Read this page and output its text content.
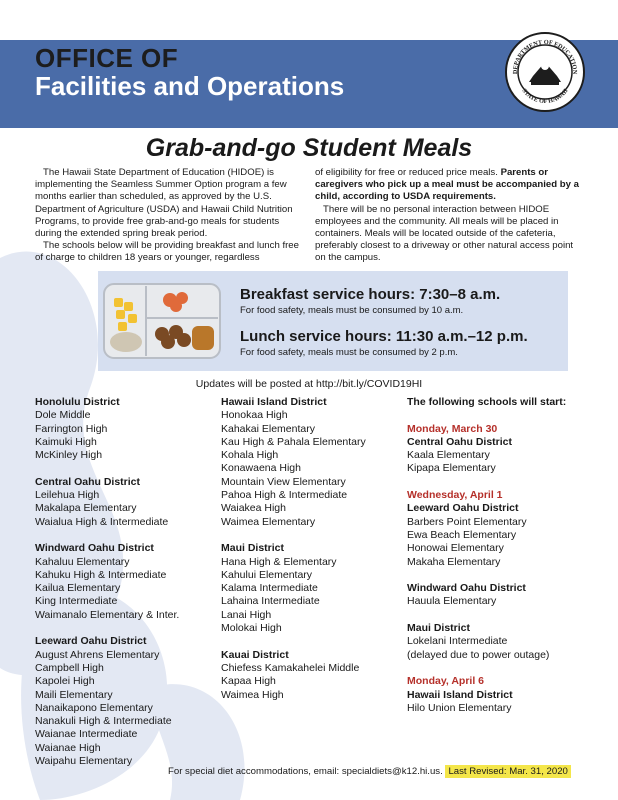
OFFICE OF
Facilities and Operations	DEPARTMENT OF EDUCATION
STATE OF HAWAII
Grab-and-go Student Meals

The Hawaii State Department of Education (HIDOE) is implementing the Seamless Summer Option program a few months earlier than scheduled, as approved by the U.S. Department of Agriculture (USDA) and Hawaii Child Nutrition Programs, to provide free grab-and-go meals for students during the extended spring break period.

The schools below will be providing breakfast and lunch free of charge to children 18 years or younger, regardless

of eligibility for free or reduced price meals. Parents or caregivers who pick up a meal must be accompanied by a child, according to USDA requirements.

There will be no personal interaction between HIDOE employees and the community. All meals will be placed in containers. Meals will be located outside of the cafeteria, preferably closest to a driveway or other natural access point on the campus.

Breakfast service hours: 7:30–8 a.m.
For food safety, meals must be consumed by 10 a.m.
Lunch service hours: 11:30 a.m.–12 p.m.
For food safety, meals must be consumed by 2 p.m.
Updates will be posted at http://bit.ly/COVID19HI
Honolulu District
Dole Middle
Farrington High
Kaimuki High
McKinley High
Central Oahu District
Leilehua High
Makalapa Elementary
Waialua High & Intermediate
Windward Oahu District
Kahaluu Elementary
Kahuku High & Intermediate
Kailua Elementary
King Intermediate
Waimanalo Elementary & Inter.
Leeward Oahu District
August Ahrens Elementary
Campbell High
Kapolei High
Maili Elementary
Nanaikapono Elementary
Nanakuli High & Intermediate
Waianae Intermediate
Waianae High
Waipahu Elementary
Hawaii Island District
Honokaa High
Kahakai Elementary
Kau High & Pahala Elementary
Kohala High
Konawaena High
Mountain View Elementary
Pahoa High & Intermediate
Waiakea High
Waimea Elementary
Maui District
Hana High & Elementary
Kahului Elementary
Kalama Intermediate
Lahaina Intermediate
Lanai High
Molokai High
Kauai District
Chiefess Kamakahelei Middle
Kapaa High
Waimea High
The following schools will start:
Monday, March 30
Central Oahu District
Kaala Elementary
Kipapa Elementary
Wednesday, April 1
Leeward Oahu District
Barbers Point Elementary
Ewa Beach Elementary
Honowai Elementary
Makaha Elementary
Windward Oahu District
Hauula Elementary
Maui District
Lokelani Intermediate
(delayed due to power outage)
Monday, April 6
Hawaii Island District
Hilo Union Elementary
For special diet accommodations, email: specialdiets@k12.hi.us. Last Revised: Mar. 31, 2020
